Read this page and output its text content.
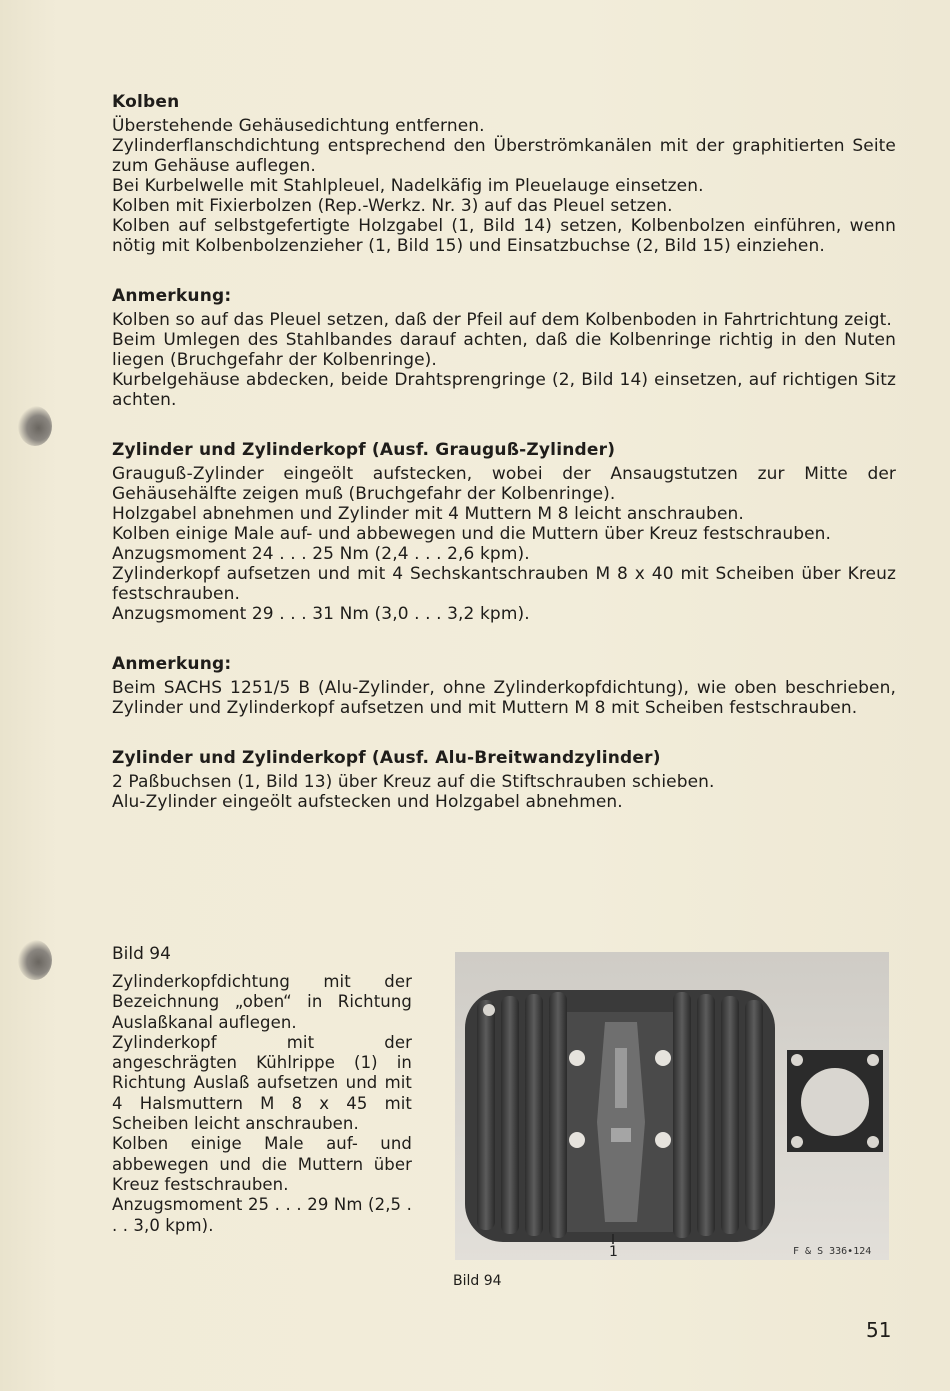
Kolben

Überstehende Gehäusedichtung entfernen.

Zylinderflanschdichtung entsprechend den Überströmkanälen mit der graphitierten Seite zum Gehäuse auflegen.

Bei Kurbelwelle mit Stahlpleuel, Nadelkäfig im Pleuelauge einsetzen.

Kolben mit Fixierbolzen (Rep.-Werkz. Nr. 3) auf das Pleuel setzen.

Kolben auf selbstgefertigte Holzgabel (1, Bild 14) setzen, Kolbenbolzen einführen, wenn nötig mit Kolbenbolzenzieher (1, Bild 15) und Einsatzbuchse (2, Bild 15) einziehen.

Anmerkung:

Kolben so auf das Pleuel setzen, daß der Pfeil auf dem Kolbenboden in Fahrtrichtung zeigt.

Beim Umlegen des Stahlbandes darauf achten, daß die Kolbenringe richtig in den Nuten liegen (Bruchgefahr der Kolbenringe).

Kurbelgehäuse abdecken, beide Drahtsprengringe (2, Bild 14) einsetzen, auf richtigen Sitz achten.

Zylinder und Zylinderkopf (Ausf. Grauguß-Zylinder)

Grauguß-Zylinder eingeölt aufstecken, wobei der Ansaugstutzen zur Mitte der Gehäusehälfte zeigen muß (Bruchgefahr der Kolbenringe).

Holzgabel abnehmen und Zylinder mit 4 Muttern M 8 leicht anschrauben.

Kolben einige Male auf- und abbewegen und die Muttern über Kreuz festschrauben.

Anzugsmoment 24 . . . 25 Nm (2,4 . . . 2,6 kpm).

Zylinderkopf aufsetzen und mit 4 Sechskantschrauben M 8 x 40 mit Scheiben über Kreuz festschrauben.

Anzugsmoment 29 . . . 31 Nm (3,0 . . . 3,2 kpm).

Anmerkung:

Beim SACHS 1251/5 B (Alu-Zylinder, ohne Zylinderkopfdichtung), wie oben beschrieben, Zylinder und Zylinderkopf aufsetzen und mit Muttern M 8 mit Scheiben festschrauben.

Zylinder und Zylinderkopf (Ausf. Alu-Breitwandzylinder)

2 Paßbuchsen (1, Bild 13) über Kreuz auf die Stiftschrauben schieben.

Alu-Zylinder eingeölt aufstecken und Holzgabel abnehmen.

Bild 94

Zylinderkopfdichtung mit der Bezeichnung „oben“ in Richtung Auslaßkanal auflegen.

Zylinderkopf mit der angeschrägten Kühlrippe (1) in Richtung Auslaß aufsetzen und mit 4 Halsmuttern M 8 x 45 mit Scheiben leicht anschrauben.

Kolben einige Male auf- und abbewegen und die Muttern über Kreuz festschrauben.

Anzugsmoment 25 . . . 29 Nm (2,5 . . . 3,0 kpm).

1	F & S 336•124
Bild 94
51
